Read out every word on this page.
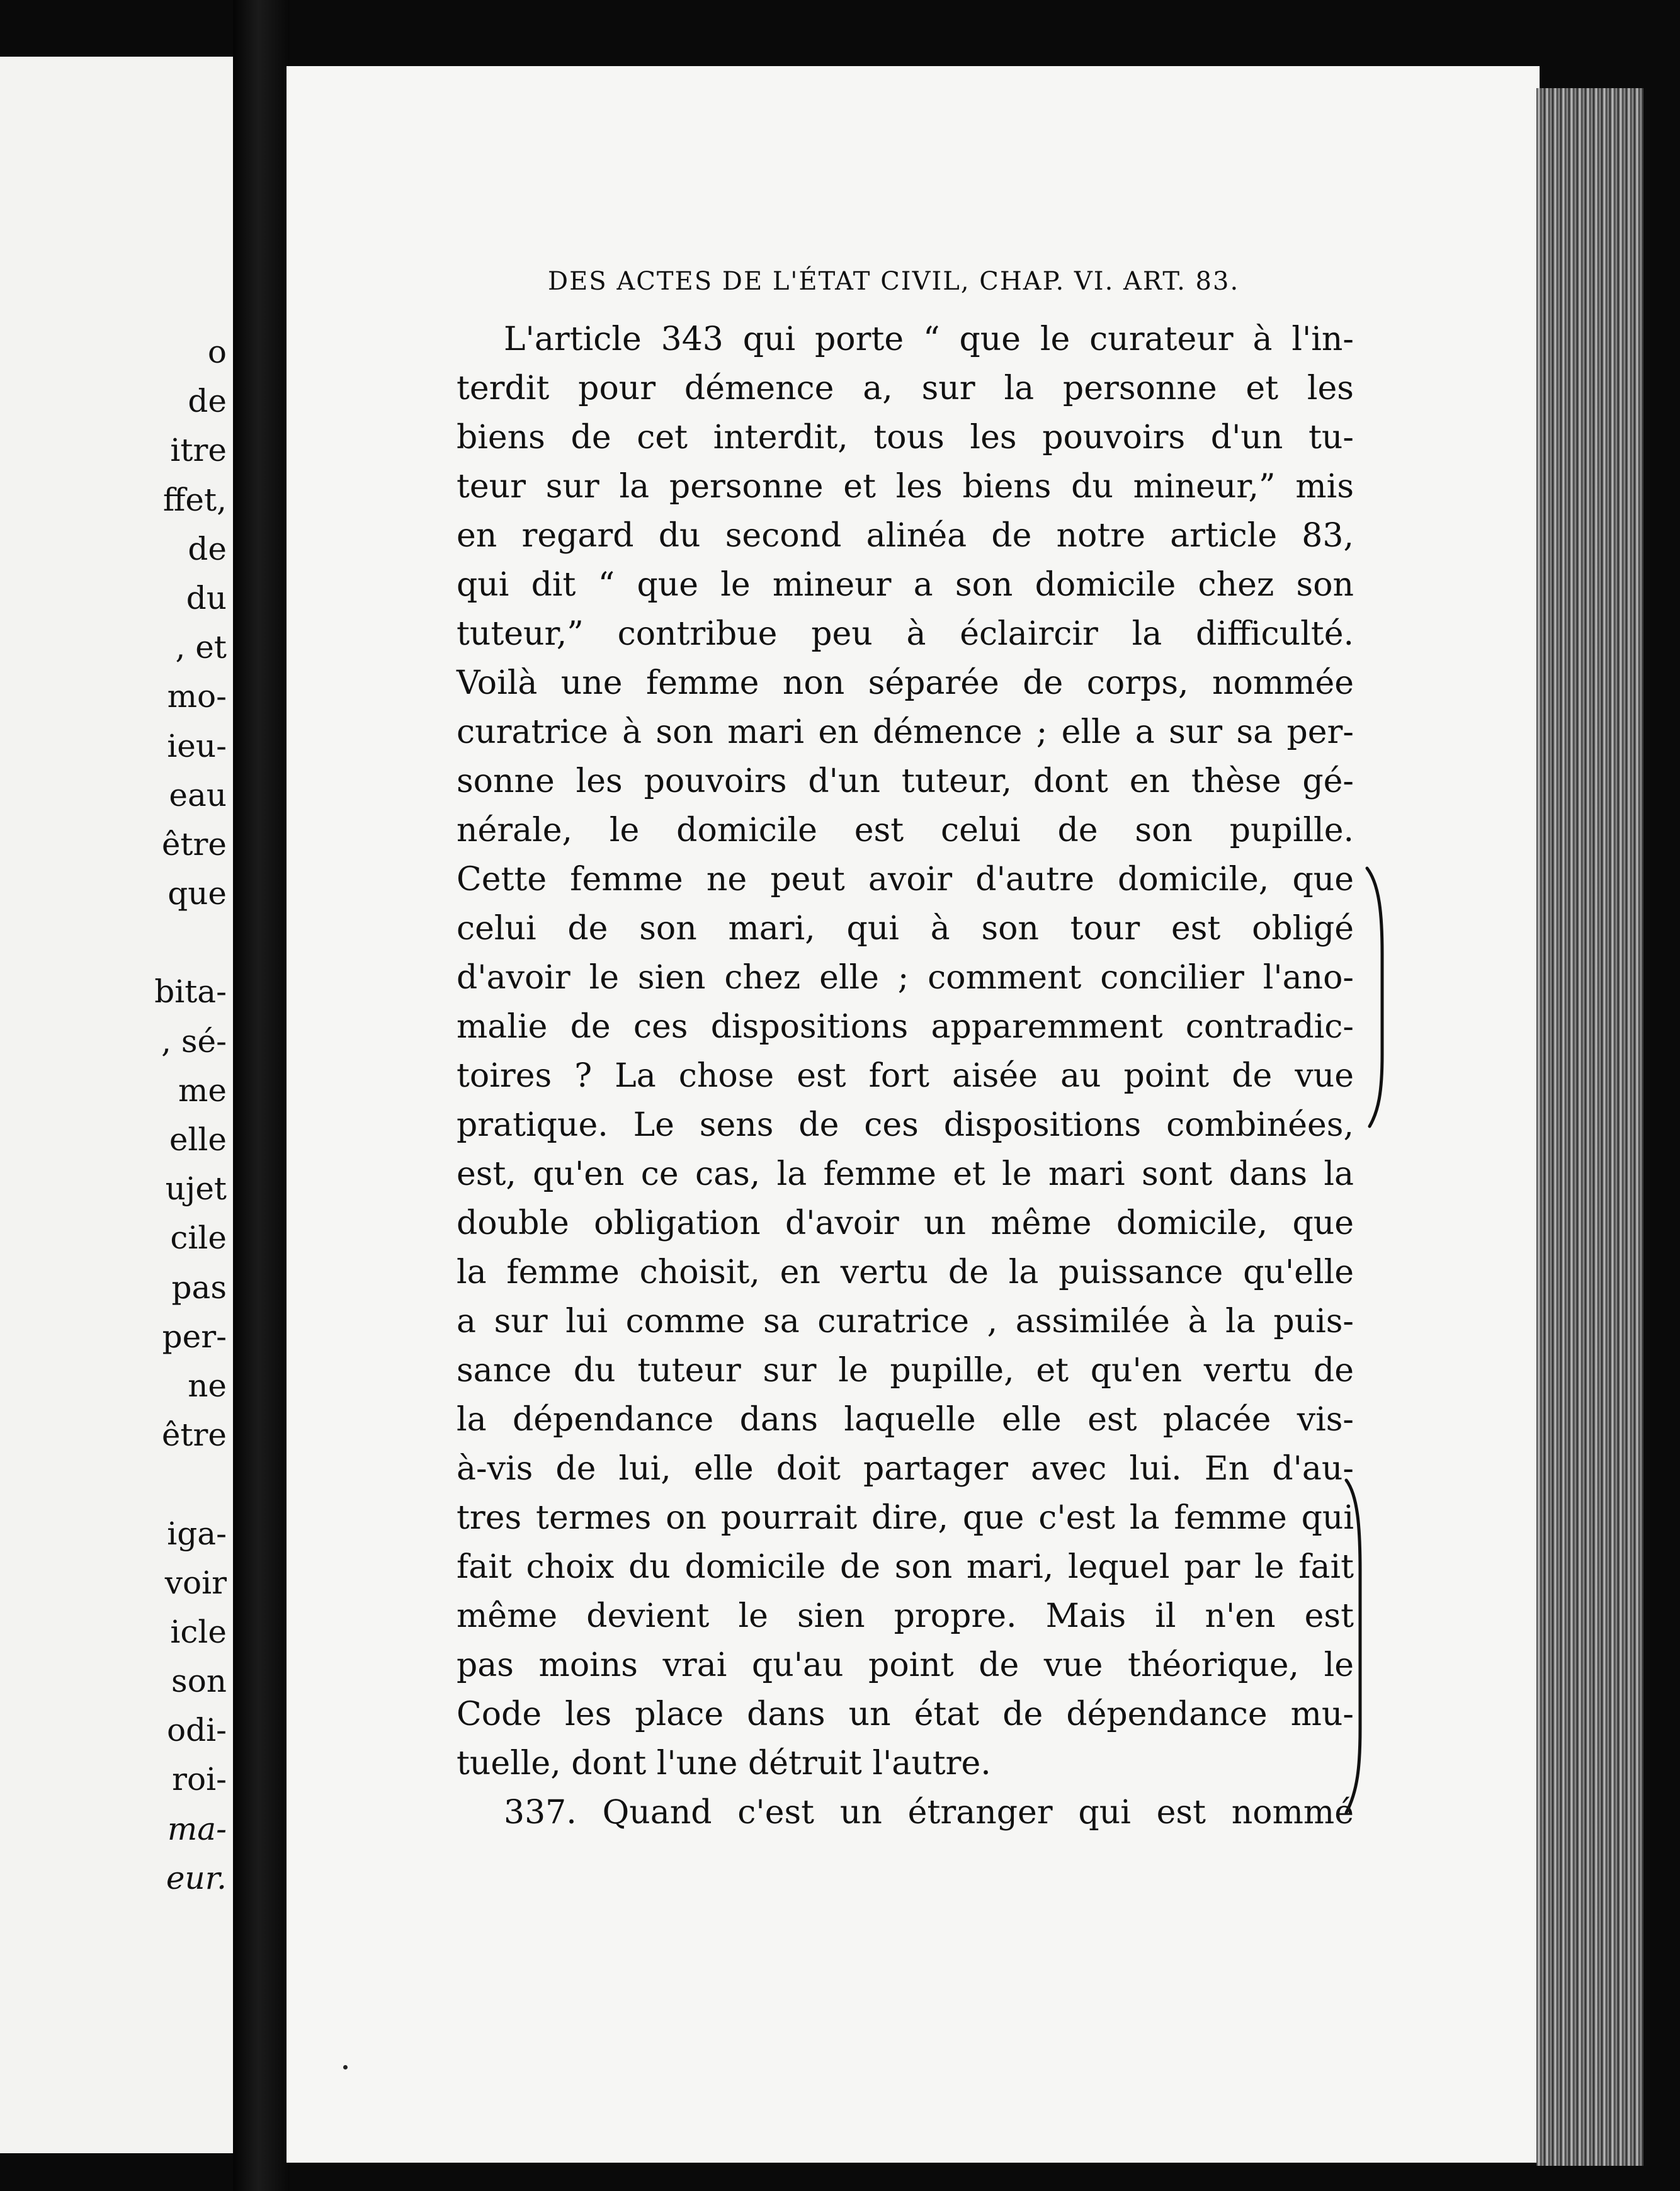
o
de
itre
ffet,
de
du
, et
mo-
ieu-
eau
être
que
bita-
, sé-
me
elle
ujet
cile
pas
per-
ne
être
iga-
voir
icle
son
odi-
roi-
ma-
eur.
DES ACTES DE L'ÉTAT CIVIL, CHAP. VI. ART. 83.
L'article 343 qui porte “ que le curateur à l'in-
terdit pour démence a, sur la personne et les
biens de cet interdit, tous les pouvoirs d'un tu-
teur sur la personne et les biens du mineur,” mis
en regard du second alinéa de notre article 83,
qui dit “ que le mineur a son domicile chez son
tuteur,” contribue peu à éclaircir la difficulté.
Voilà une femme non séparée de corps, nommée
curatrice à son mari en démence ; elle a sur sa per-
sonne les pouvoirs d'un tuteur, dont en thèse gé-
nérale, le domicile est celui de son pupille.
Cette femme ne peut avoir d'autre domicile, que
celui de son mari, qui à son tour est obligé
d'avoir le sien chez elle ; comment concilier l'ano-
malie de ces dispositions apparemment contradic-
toires ? La chose est fort aisée au point de vue
pratique. Le sens de ces dispositions combinées,
est, qu'en ce cas, la femme et le mari sont dans la
double obligation d'avoir un même domicile, que
la femme choisit, en vertu de la puissance qu'elle
a sur lui comme sa curatrice , assimilée à la puis-
sance du tuteur sur le pupille, et qu'en vertu de
la dépendance dans laquelle elle est placée vis-
à-vis de lui, elle doit partager avec lui. En d'au-
tres termes on pourrait dire, que c'est la femme qui
fait choix du domicile de son mari, lequel par le fait
même devient le sien propre. Mais il n'en est
pas moins vrai qu'au point de vue théorique, le
Code les place dans un état de dépendance mu-
tuelle, dont l'une détruit l'autre.
337. Quand c'est un étranger qui est nommé
